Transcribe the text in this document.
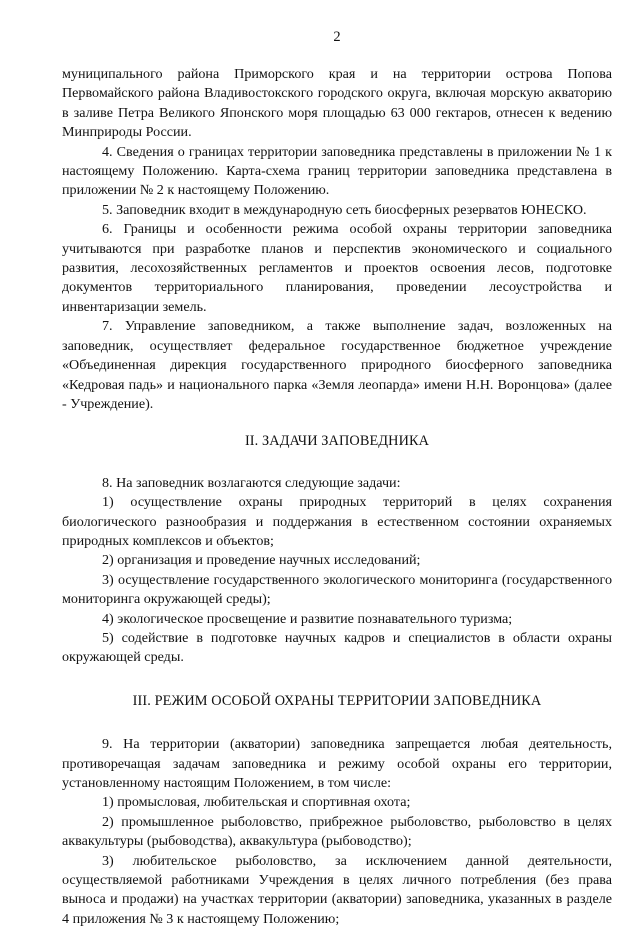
2

муниципального района Приморского края и на территории острова Попова Первомайского района Владивостокского городского округа, включая морскую акваторию в заливе Петра Великого Японского моря площадью 63 000 гектаров, отнесен к ведению Минприроды России.

4. Сведения о границах территории заповедника представлены в приложении № 1 к настоящему Положению. Карта-схема границ территории заповедника представлена в приложении № 2 к настоящему Положению.

5. Заповедник входит в международную сеть биосферных резерватов ЮНЕСКО.

6. Границы и особенности режима особой охраны территории заповедника учитываются при разработке планов и перспектив экономического и социального развития, лесохозяйственных регламентов и проектов освоения лесов, подготовке документов территориального планирования, проведении лесоустройства и инвентаризации земель.

7. Управление заповедником, а также выполнение задач, возложенных на заповедник, осуществляет федеральное государственное бюджетное учреждение «Объединенная дирекция государственного природного биосферного заповедника «Кедровая падь» и национального парка «Земля леопарда» имени Н.Н. Воронцова» (далее - Учреждение).

II. ЗАДАЧИ ЗАПОВЕДНИКА

8. На заповедник возлагаются следующие задачи:

1) осуществление охраны природных территорий в целях сохранения биологического разнообразия и поддержания в естественном состоянии охраняемых природных комплексов и объектов;

2) организация и проведение научных исследований;

3) осуществление государственного экологического мониторинга (государственного мониторинга окружающей среды);

4) экологическое просвещение и развитие познавательного туризма;

5) содействие в подготовке научных кадров и специалистов в области охраны окружающей среды.

III. РЕЖИМ ОСОБОЙ ОХРАНЫ ТЕРРИТОРИИ ЗАПОВЕДНИКА

9. На территории (акватории) заповедника запрещается любая деятельность, противоречащая задачам заповедника и режиму особой охраны его территории, установленному настоящим Положением, в том числе:

1) промысловая, любительская и спортивная охота;

2) промышленное рыболовство, прибрежное рыболовство, рыболовство в целях аквакультуры (рыбоводства), аквакультура (рыбоводство);

3) любительское рыболовство, за исключением данной деятельности, осуществляемой работниками Учреждения в целях личного потребления (без права выноса и продажи) на участках территории (акватории) заповедника, указанных в разделе 4 приложения № 3 к настоящему Положению;
